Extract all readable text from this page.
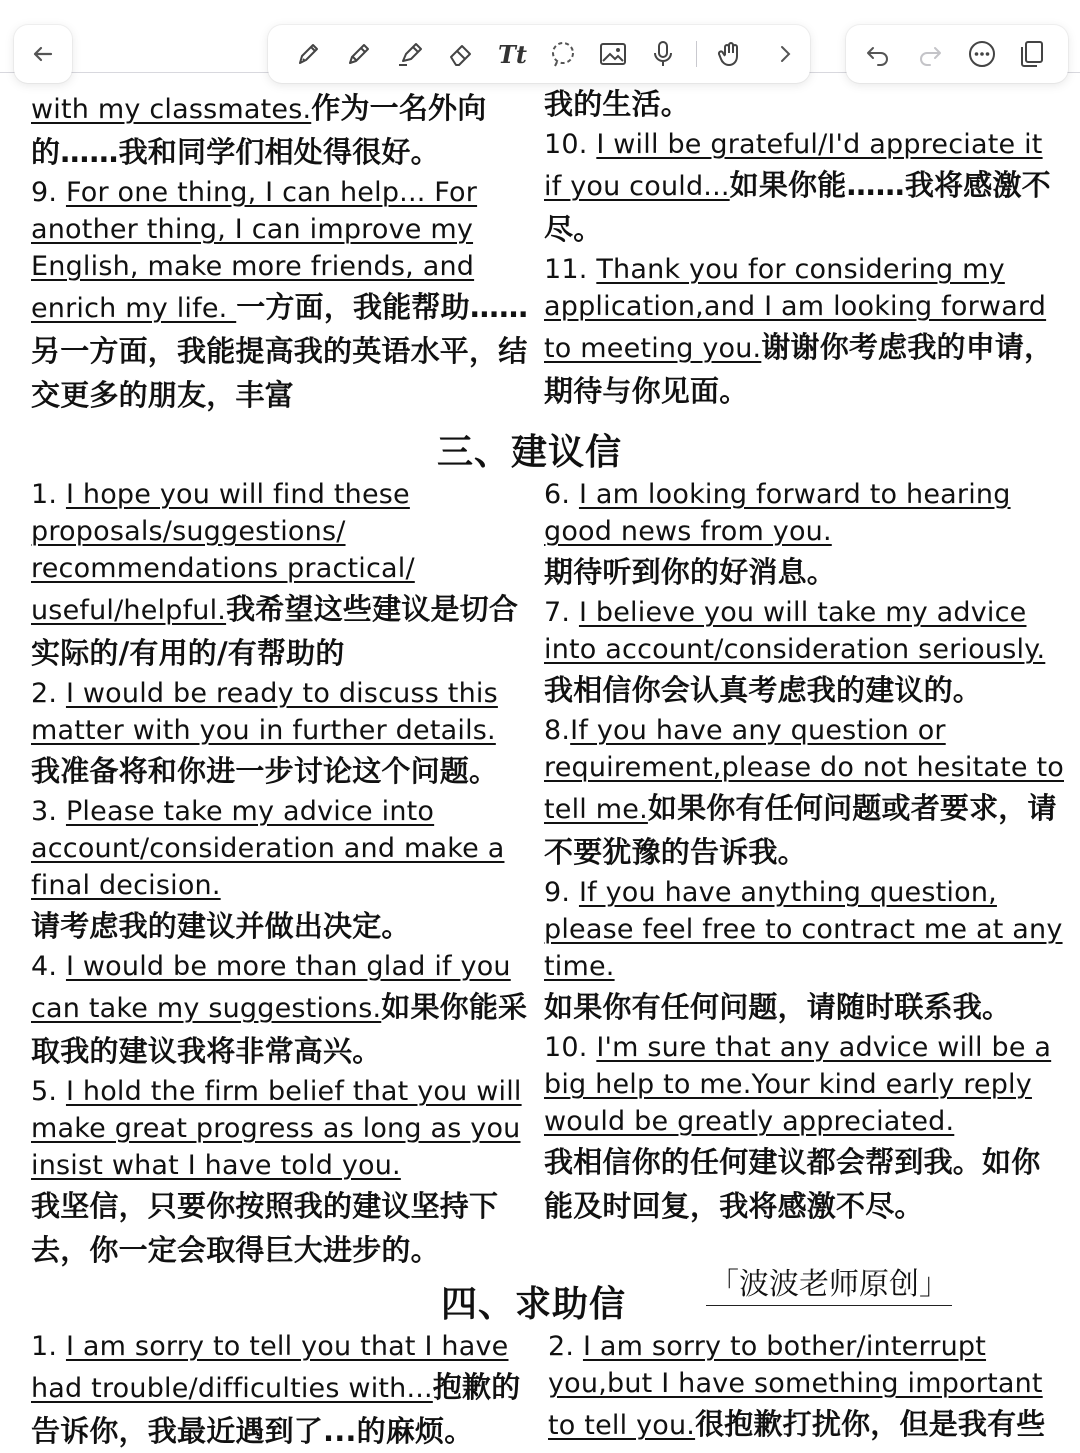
Tt

with my classmates.作为一名外向的……我和同学们相处得很好。

9. For one thing, I can help... For another thing, I can improve my English, make more friends, and enrich my life. 一方面，我能帮助……另一方面，我能提高我的英语水平，结交更多的朋友，丰富

我的生活。

10. I will be grateful/I'd appreciate it if you could...如果你能……我将感激不尽。

11. Thank you for considering my application,and I am looking forward to meeting you.谢谢你考虑我的申请，期待与你见面。

三、建议信

1. I hope you will find these proposals/suggestions/ recommendations practical/ useful/helpful.我希望这些建议是切合实际的/有用的/有帮助的

2. I would be ready to discuss this matter with you in further details.
我准备将和你进一步讨论这个问题。

3. Please take my advice into account/consideration and make a final decision.
请考虑我的建议并做出决定。

4. I would be more than glad if you can take my suggestions.如果你能采取我的建议我将非常高兴。

5. I hold the firm belief that you will make great progress as long as you insist what I have told you.
我坚信，只要你按照我的建议坚持下去，你一定会取得巨大进步的。

6. I am looking forward to hearing good news from you.
期待听到你的好消息。

7. I believe you will take my advice into account/consideration seriously.
我相信你会认真考虑我的建议的。

8.If you have any question or requirement,please do not hesitate to tell me.如果你有任何问题或者要求，请不要犹豫的告诉我。

9. If you have anything question, please feel free to contract me at any time.
如果你有任何问题，请随时联系我。

10. I'm sure that any advice will be a big help to me.Your kind early reply would be greatly appreciated.
我相信你的任何建议都会帮到我。如你能及时回复，我将感激不尽。

四、求助信	「波波老师原创」

1. I am sorry to tell you that I have had trouble/difficulties with...抱歉的告诉你，我最近遇到了...的麻烦。

2. I am sorry to bother/interrupt you,but I have something important to tell you.很抱歉打扰你，但是我有些
